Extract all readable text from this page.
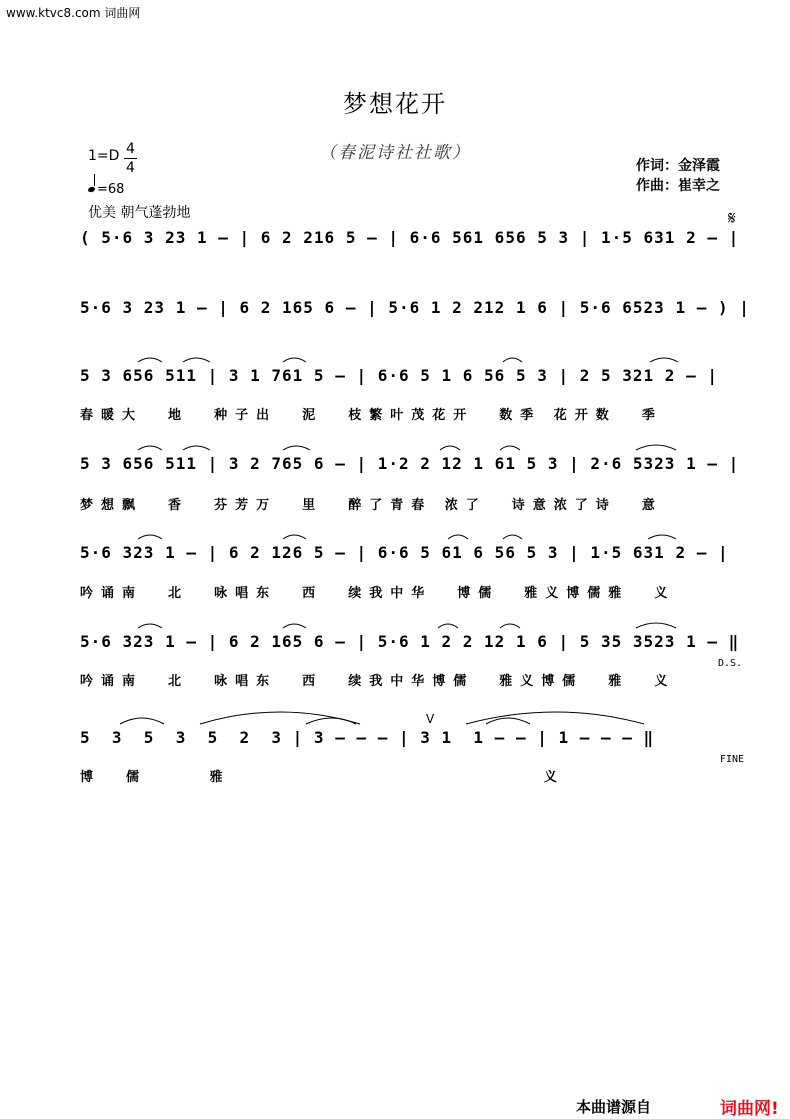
www.ktvc8.com 词曲网
梦想花开
（春泥诗社社歌）
作词：金泽霞
作曲：崔幸之
1=D 4
4
=68
优美 朝气蓬勃地	𝄋
( 5·6 3 23 1 – | 6 2 216 5 – | 6·6 561 656 5 3 | 1·5 631 2 – |
5·6 3 23 1 – | 6 2 165 6 – | 5·6 1 2 212 1 6 | 5·6 6523 1 – ) |
5 3 656 511 | 3 1 761 5 – | 6·6 5 1 6 56 5 3 | 2 5 321 2 – |
春暖大  地  种子出  泥  枝繁叶茂花开  数季 花开数  季
5 3 656 511 | 3 2 765 6 – | 1·2 2 12 1 61 5 3 | 2·6 5323 1 – |
梦想飘  香  芬芳万  里  醉了青春 浓了  诗意浓了诗  意
5·6 323 1 – | 6 2 126 5 – | 6·6 5 61 6 56 5 3 | 1·5 631 2 – |
吟诵南  北  咏唱东  西  续我中华  博儒  雅义博儒雅  义
5·6 323 1 – | 6 2 165 6 – | 5·6 1 2 2 12 1 6 | 5 35 3523 1 – ‖
吟诵南  北  咏唱东  西  续我中华博儒  雅义博儒  雅  义
5  3  5  3  5  2  3 | 3 – – – | 3 1  1 – – | 1 – – – ‖
博  儒     雅                         义
V
D.S.
FINE
本曲谱源自	词曲网!
